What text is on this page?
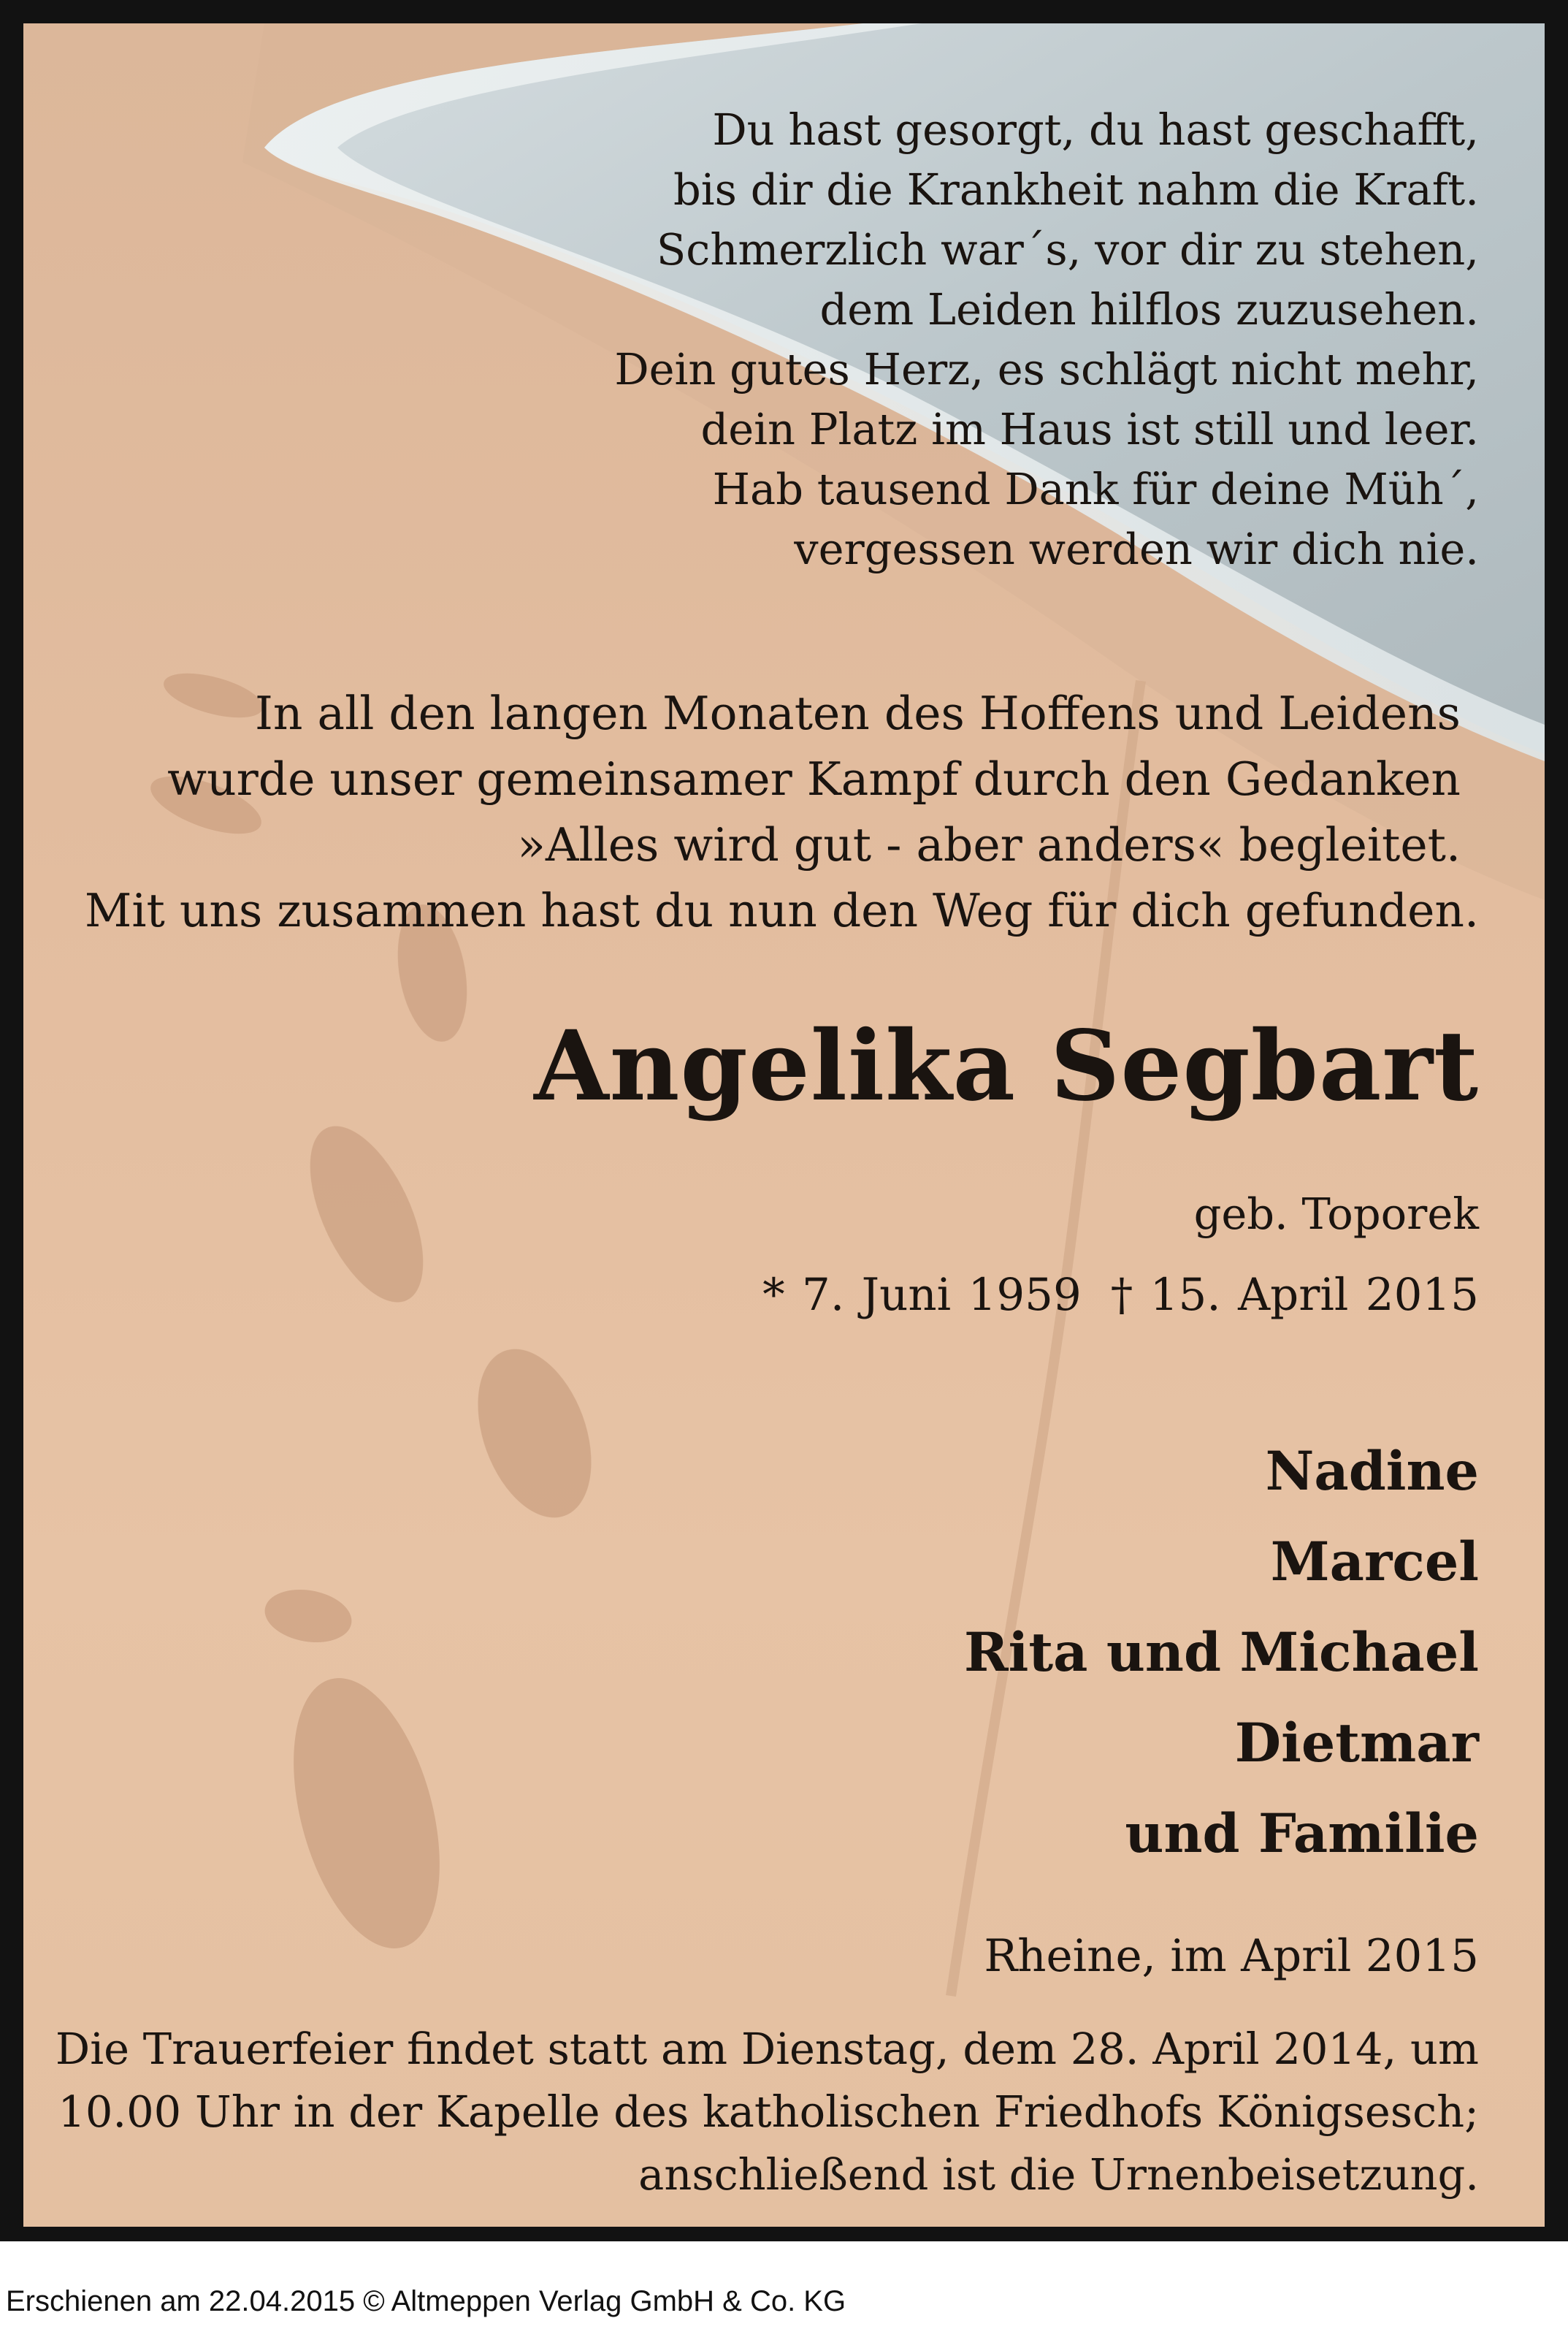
Du hast gesorgt, du hast geschafft,
bis dir die Krankheit nahm die Kraft.
Schmerzlich war´s, vor dir zu stehen,
dem Leiden hilflos zuzusehen.
Dein gutes Herz, es schlägt nicht mehr,
dein Platz im Haus ist still und leer.
Hab tausend Dank für deine Müh´,
vergessen werden wir dich nie.
In all den langen Monaten des Hoffens und Leidens
wurde unser gemeinsamer Kampf durch den Gedanken
»Alles wird gut - aber anders« begleitet.
Mit uns zusammen hast du nun den Weg für dich gefunden.
Angelika Segbart
geb. Toporek
* 7. Juni 1959 † 15. April 2015
Nadine
Marcel
Rita und Michael
Dietmar
und Familie
Rheine, im April 2015
Die Trauerfeier findet statt am Dienstag, dem 28. April 2014, um
10.00 Uhr in der Kapelle des katholischen Friedhofs Königsesch;
anschließend ist die Urnenbeisetzung.
Erschienen am 22.04.2015 © Altmeppen Verlag GmbH & Co. KG
